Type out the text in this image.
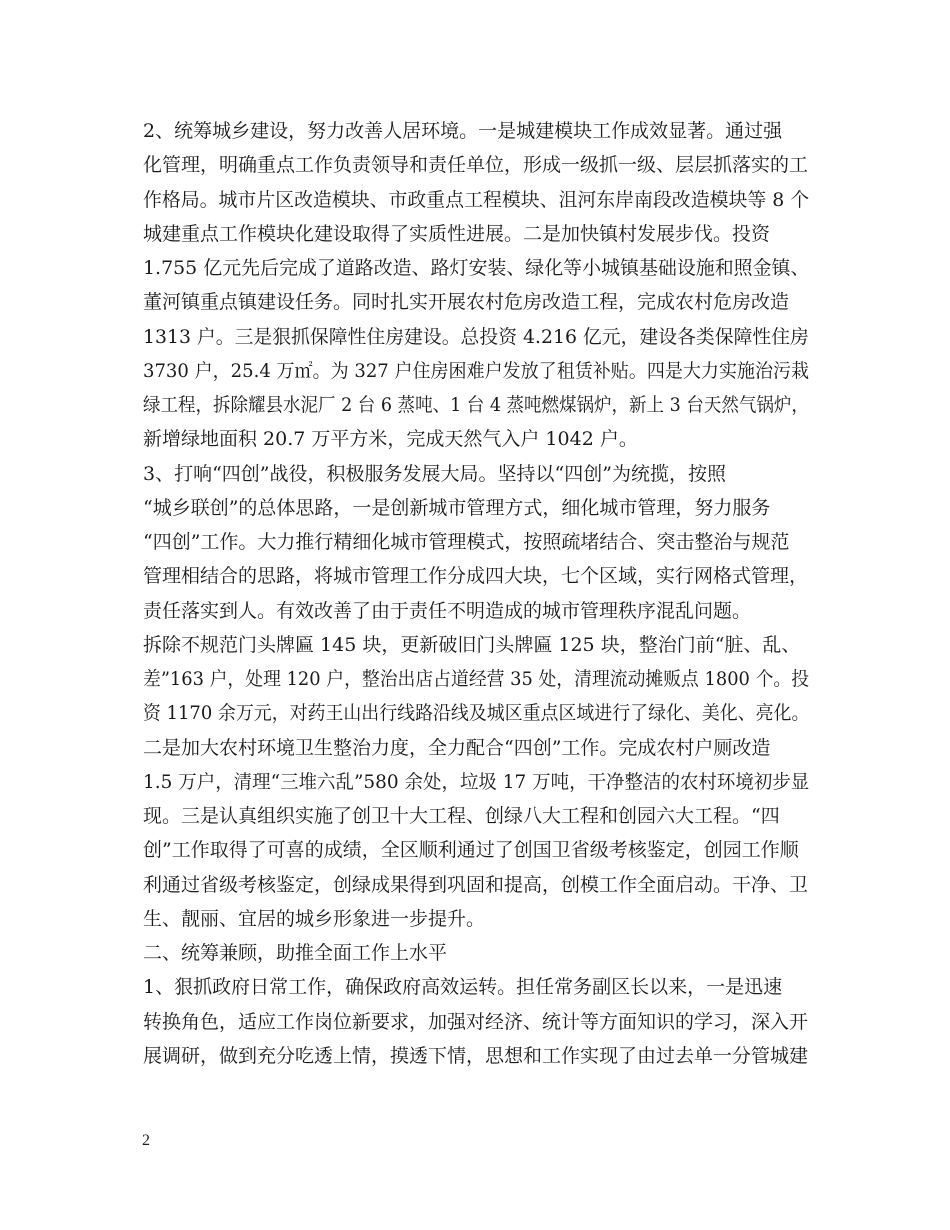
2、统筹城乡建设，努力改善人居环境。一是城建模块工作成效显著。通过强
化管理，明确重点工作负责领导和责任单位，形成一级抓一级、层层抓落实的工
作格局。城市片区改造模块、市政重点工程模块、沮河东岸南段改造模块等 8 个
城建重点工作模块化建设取得了实质性进展。二是加快镇村发展步伐。投资
1.755 亿元先后完成了道路改造、路灯安装、绿化等小城镇基础设施和照金镇、
董河镇重点镇建设任务。同时扎实开展农村危房改造工程，完成农村危房改造
1313 户。三是狠抓保障性住房建设。总投资 4.216 亿元，建设各类保障性住房
3730 户，25.4 万㎡。为 327 户住房困难户发放了租赁补贴。四是大力实施治污栽
绿工程，拆除耀县水泥厂 2 台 6 蒸吨、1 台 4 蒸吨燃煤锅炉，新上 3 台天然气锅炉，
新增绿地面积 20.7 万平方米，完成天然气入户 1042 户。
3、打响“四创”战役，积极服务发展大局。坚持以“四创”为统揽，按照
“城乡联创”的总体思路，一是创新城市管理方式，细化城市管理，努力服务
“四创”工作。大力推行精细化城市管理模式，按照疏堵结合、突击整治与规范
管理相结合的思路，将城市管理工作分成四大块，七个区域，实行网格式管理，
责任落实到人。有效改善了由于责任不明造成的城市管理秩序混乱问题。
拆除不规范门头牌匾 145 块，更新破旧门头牌匾 125 块，整治门前“脏、乱、
差”163 户，处理 120 户，整治出店占道经营 35 处，清理流动摊贩点 1800 个。投
资 1170 余万元，对药王山出行线路沿线及城区重点区域进行了绿化、美化、亮化。
二是加大农村环境卫生整治力度，全力配合“四创”工作。完成农村户厕改造
1.5 万户，清理“三堆六乱”580 余处，垃圾 17 万吨，干净整洁的农村环境初步显
现。三是认真组织实施了创卫十大工程、创绿八大工程和创园六大工程。“四
创”工作取得了可喜的成绩，全区顺利通过了创国卫省级考核鉴定，创园工作顺
利通过省级考核鉴定，创绿成果得到巩固和提高，创模工作全面启动。干净、卫
生、靓丽、宜居的城乡形象进一步提升。
二、统筹兼顾，助推全面工作上水平
1、狠抓政府日常工作，确保政府高效运转。担任常务副区长以来，一是迅速
转换角色，适应工作岗位新要求，加强对经济、统计等方面知识的学习，深入开
展调研，做到充分吃透上情，摸透下情，思想和工作实现了由过去单一分管城建
2
